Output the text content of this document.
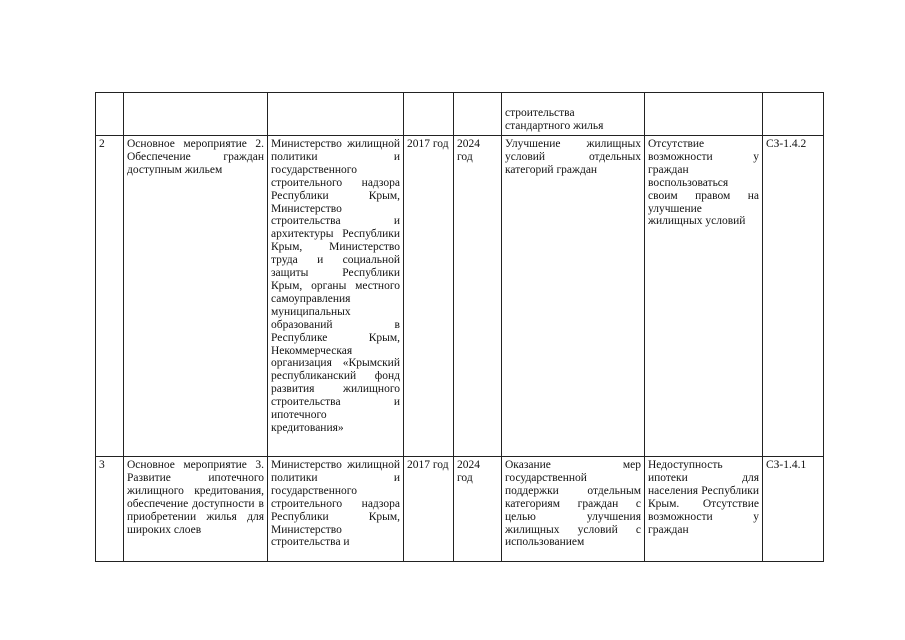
					строительства стандартного жилья		
2	Основное мероприятие 2. Обеспечение граждан доступным жильем	Министерство жилищной политики и государственного строительного надзора Республики Крым, Министерство строительства и архитектуры Республики Крым, Министерство труда и социальной защиты Республики Крым, органы местного самоуправления муниципальных образований в Республике Крым, Некоммерческая организация «Крымский республиканский фонд развития жилищного строительства и ипотечного кредитования»	2017 год	2024 год	Улучшение жилищных условий отдельных категорий граждан	Отсутствие возможности у граждан воспользоваться своим правом на улучшение жилищных условий	СЗ-1.4.2
3	Основное мероприятие 3. Развитие ипотечного жилищного кредитования, обеспечение доступности в приобретении жилья для широких слоев	Министерство жилищной политики и государственного строительного надзора Республики Крым, Министерство строительства и	2017 год	2024 год	Оказание мер государственной поддержки отдельным категориям граждан с целью улучшения жилищных условий с использованием	Недоступность ипотеки для населения Республики Крым. Отсутствие возможности у граждан	СЗ-1.4.1
